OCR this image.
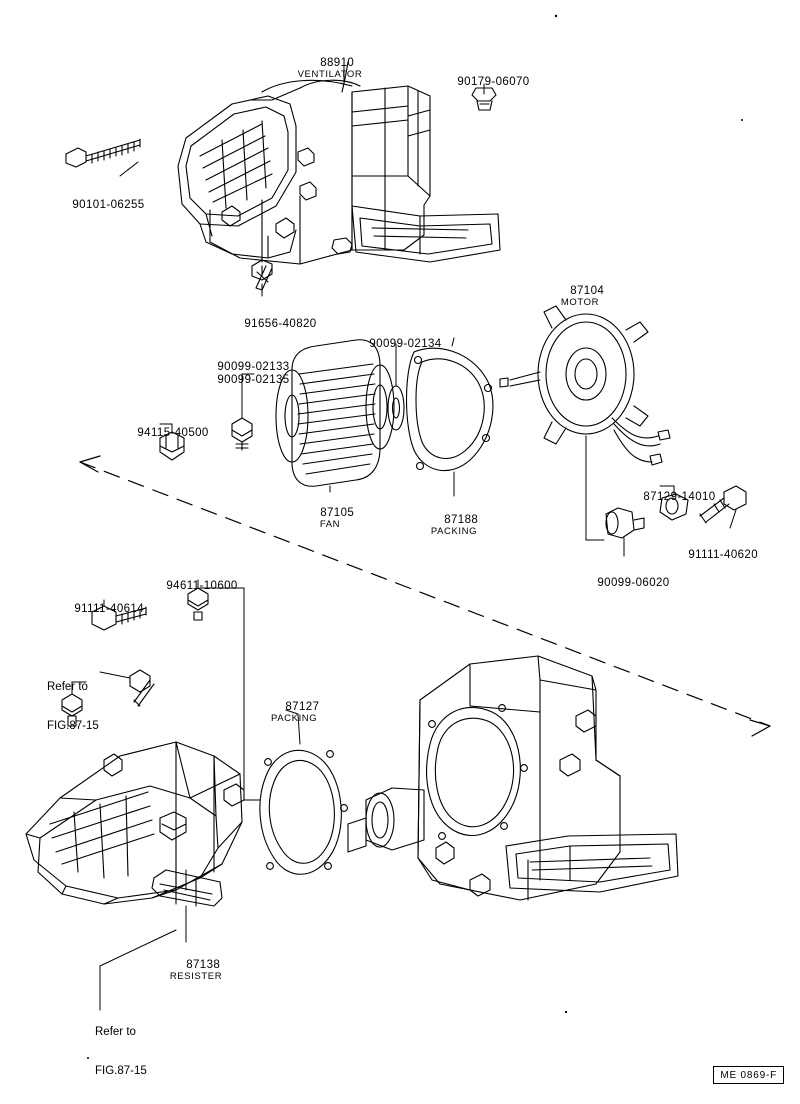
88910
VENTILATOR

90179-06070

90101-06255

91656-40820

87104
MOTOR

90099-02134

90099-02133

90099-02135

94115-40500

87105
FAN

	87188
PACKING

87129-14010

91111-40620

90099-06020

94611-10600

91111-40614

87127
PACKING

87138
RESISTER

Refer to

FIG.87-15

Refer to

FIG.87-15

	ME 0869-F
